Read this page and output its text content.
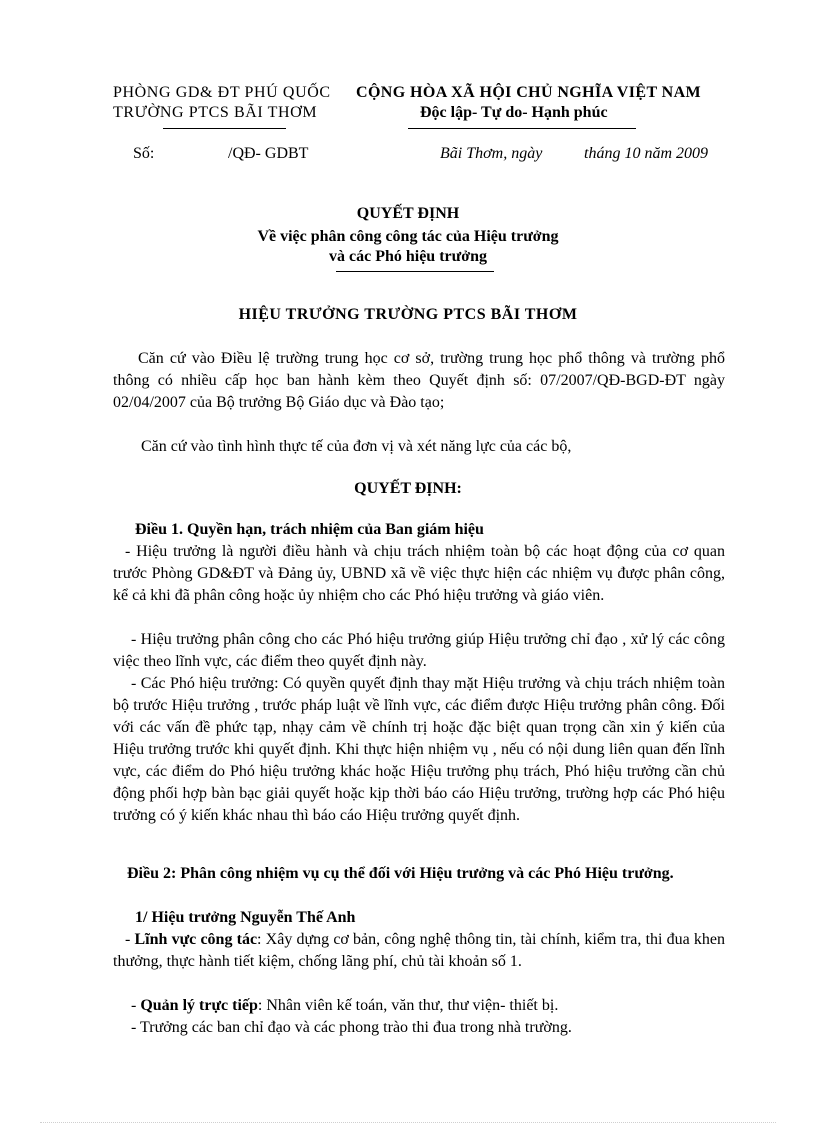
PHÒNG GD& ĐT PHÚ QUỐC
TRƯỜNG PTCS BÃI THƠM
CỘNG HÒA XÃ HỘI CHỦ NGHĨA VIỆT NAM
Độc lập- Tự do- Hạnh phúc
Số:	/QĐ- GDBT	Bãi Thơm, ngày	tháng 10 năm 2009
QUYẾT ĐỊNH
Về việc phân công công tác của Hiệu trưởng
và các Phó hiệu trưởng
HIỆU TRƯỞNG TRƯỜNG PTCS BÃI THƠM
Căn cứ vào Điều lệ trường trung học cơ sở, trường trung học phổ thông và trường phổ thông có nhiều cấp học ban hành kèm theo Quyết định số: 07/2007/QĐ-BGD-ĐT ngày 02/04/2007 của Bộ trưởng Bộ Giáo dục và Đào tạo;
Căn cứ vào tình hình thực tế của đơn vị và xét năng lực của các bộ,
QUYẾT ĐỊNH:
Điều 1. Quyền hạn, trách nhiệm của Ban giám hiệu
- Hiệu trưởng là người điều hành và chịu trách nhiệm toàn bộ các hoạt động của cơ quan trước Phòng GD&ĐT và Đảng ủy, UBND xã về việc thực hiện các nhiệm vụ được phân công, kể cả khi đã phân công hoặc ủy nhiệm cho các Phó hiệu trưởng và giáo viên.
- Hiệu trưởng phân công cho các Phó hiệu trưởng giúp Hiệu trưởng chỉ đạo , xử lý các công việc theo lĩnh vực, các điểm theo quyết định này.
- Các Phó hiệu trưởng: Có quyền quyết định thay mặt Hiệu trưởng và chịu trách nhiệm toàn bộ trước Hiệu trưởng , trước pháp luật về lĩnh vực, các điểm được Hiệu trưởng phân công. Đối với các vấn đề phức tạp, nhạy cảm về chính trị hoặc đặc biệt quan trọng cần xin ý kiến của Hiệu trưởng trước khi quyết định. Khi thực hiện nhiệm vụ , nếu có nội dung liên quan đến lĩnh vực, các điểm do Phó hiệu trưởng khác hoặc Hiệu trưởng phụ trách, Phó hiệu trưởng cần chủ động phối hợp bàn bạc giải quyết hoặc kịp thời báo cáo Hiệu trưởng, trường hợp các Phó hiệu trưởng có ý kiến khác nhau thì báo cáo Hiệu trưởng quyết định.
Điều 2: Phân công nhiệm vụ cụ thể đối với Hiệu trưởng và các Phó Hiệu trưởng.
1/ Hiệu trưởng Nguyễn Thế Anh
- Lĩnh vực công tác: Xây dựng cơ bản, công nghệ thông tin, tài chính, kiểm tra, thi đua khen thưởng, thực hành tiết kiệm, chống lãng phí, chủ tài khoản số 1.
- Quản lý trực tiếp: Nhân viên kế toán, văn thư, thư viện- thiết bị.
- Trưởng các ban chỉ đạo và các phong trào thi đua trong nhà trường.
